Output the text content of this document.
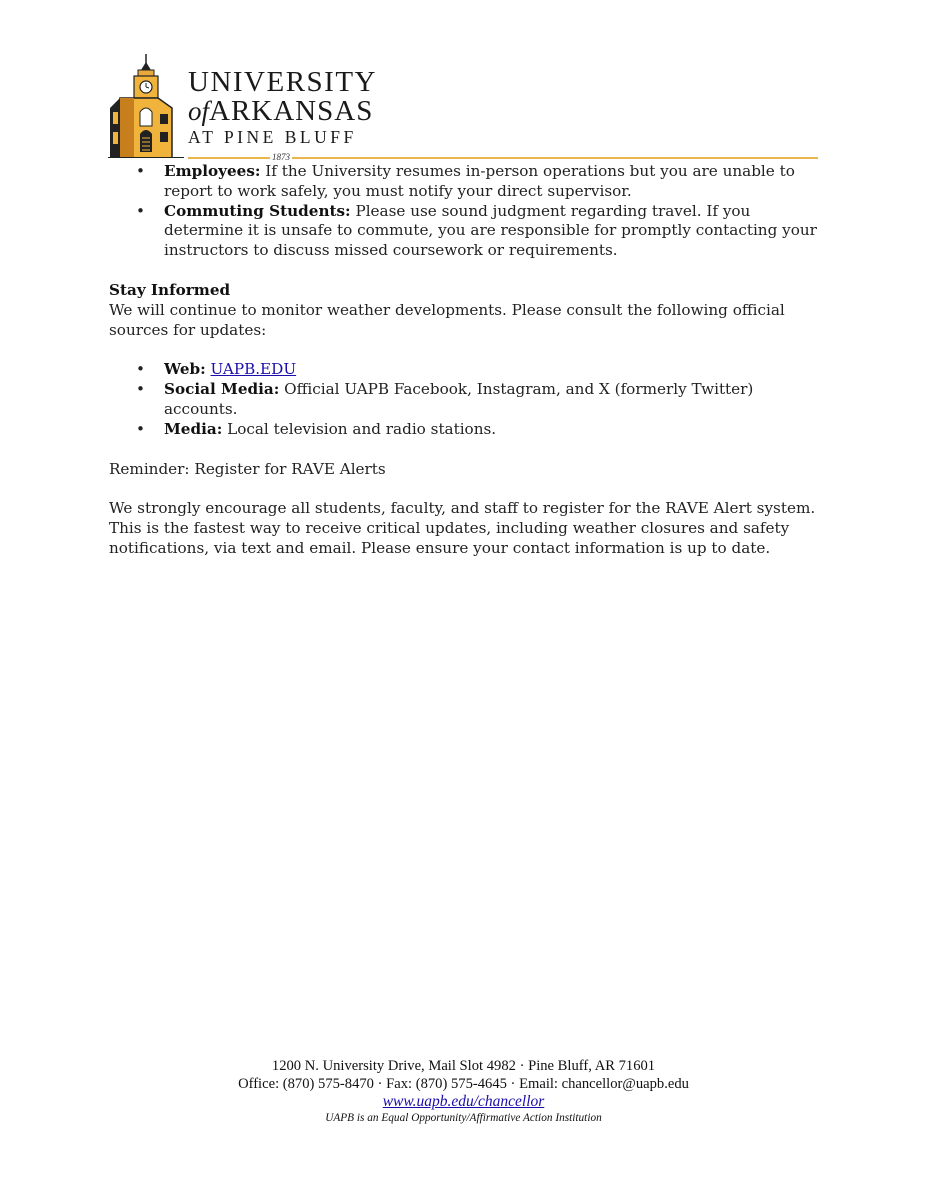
UNIVERSITY
ofARKANSAS
AT PINE BLUFF
1873
• Employees: If the University resumes in-person operations but you are unable to report to work safely, you must notify your direct supervisor.
• Commuting Students: Please use sound judgment regarding travel. If you determine it is unsafe to commute, you are responsible for promptly contacting your instructors to discuss missed coursework or requirements.

Stay Informed

We will continue to monitor weather developments. Please consult the following official sources for updates:

• Web: UAPB.EDU
• Social Media: Official UAPB Facebook, Instagram, and X (formerly Twitter) accounts.
• Media: Local television and radio stations.

Reminder: Register for RAVE Alerts

We strongly encourage all students, faculty, and staff to register for the RAVE Alert system. This is the fastest way to receive critical updates, including weather closures and safety notifications, via text and email. Please ensure your contact information is up to date.

1200 N. University Drive, Mail Slot 4982 · Pine Bluff, AR 71601
Office: (870) 575-8470 · Fax: (870) 575-4645 · Email: chancellor@uapb.edu
www.uapb.edu/chancellor
UAPB is an Equal Opportunity/Affirmative Action Institution
